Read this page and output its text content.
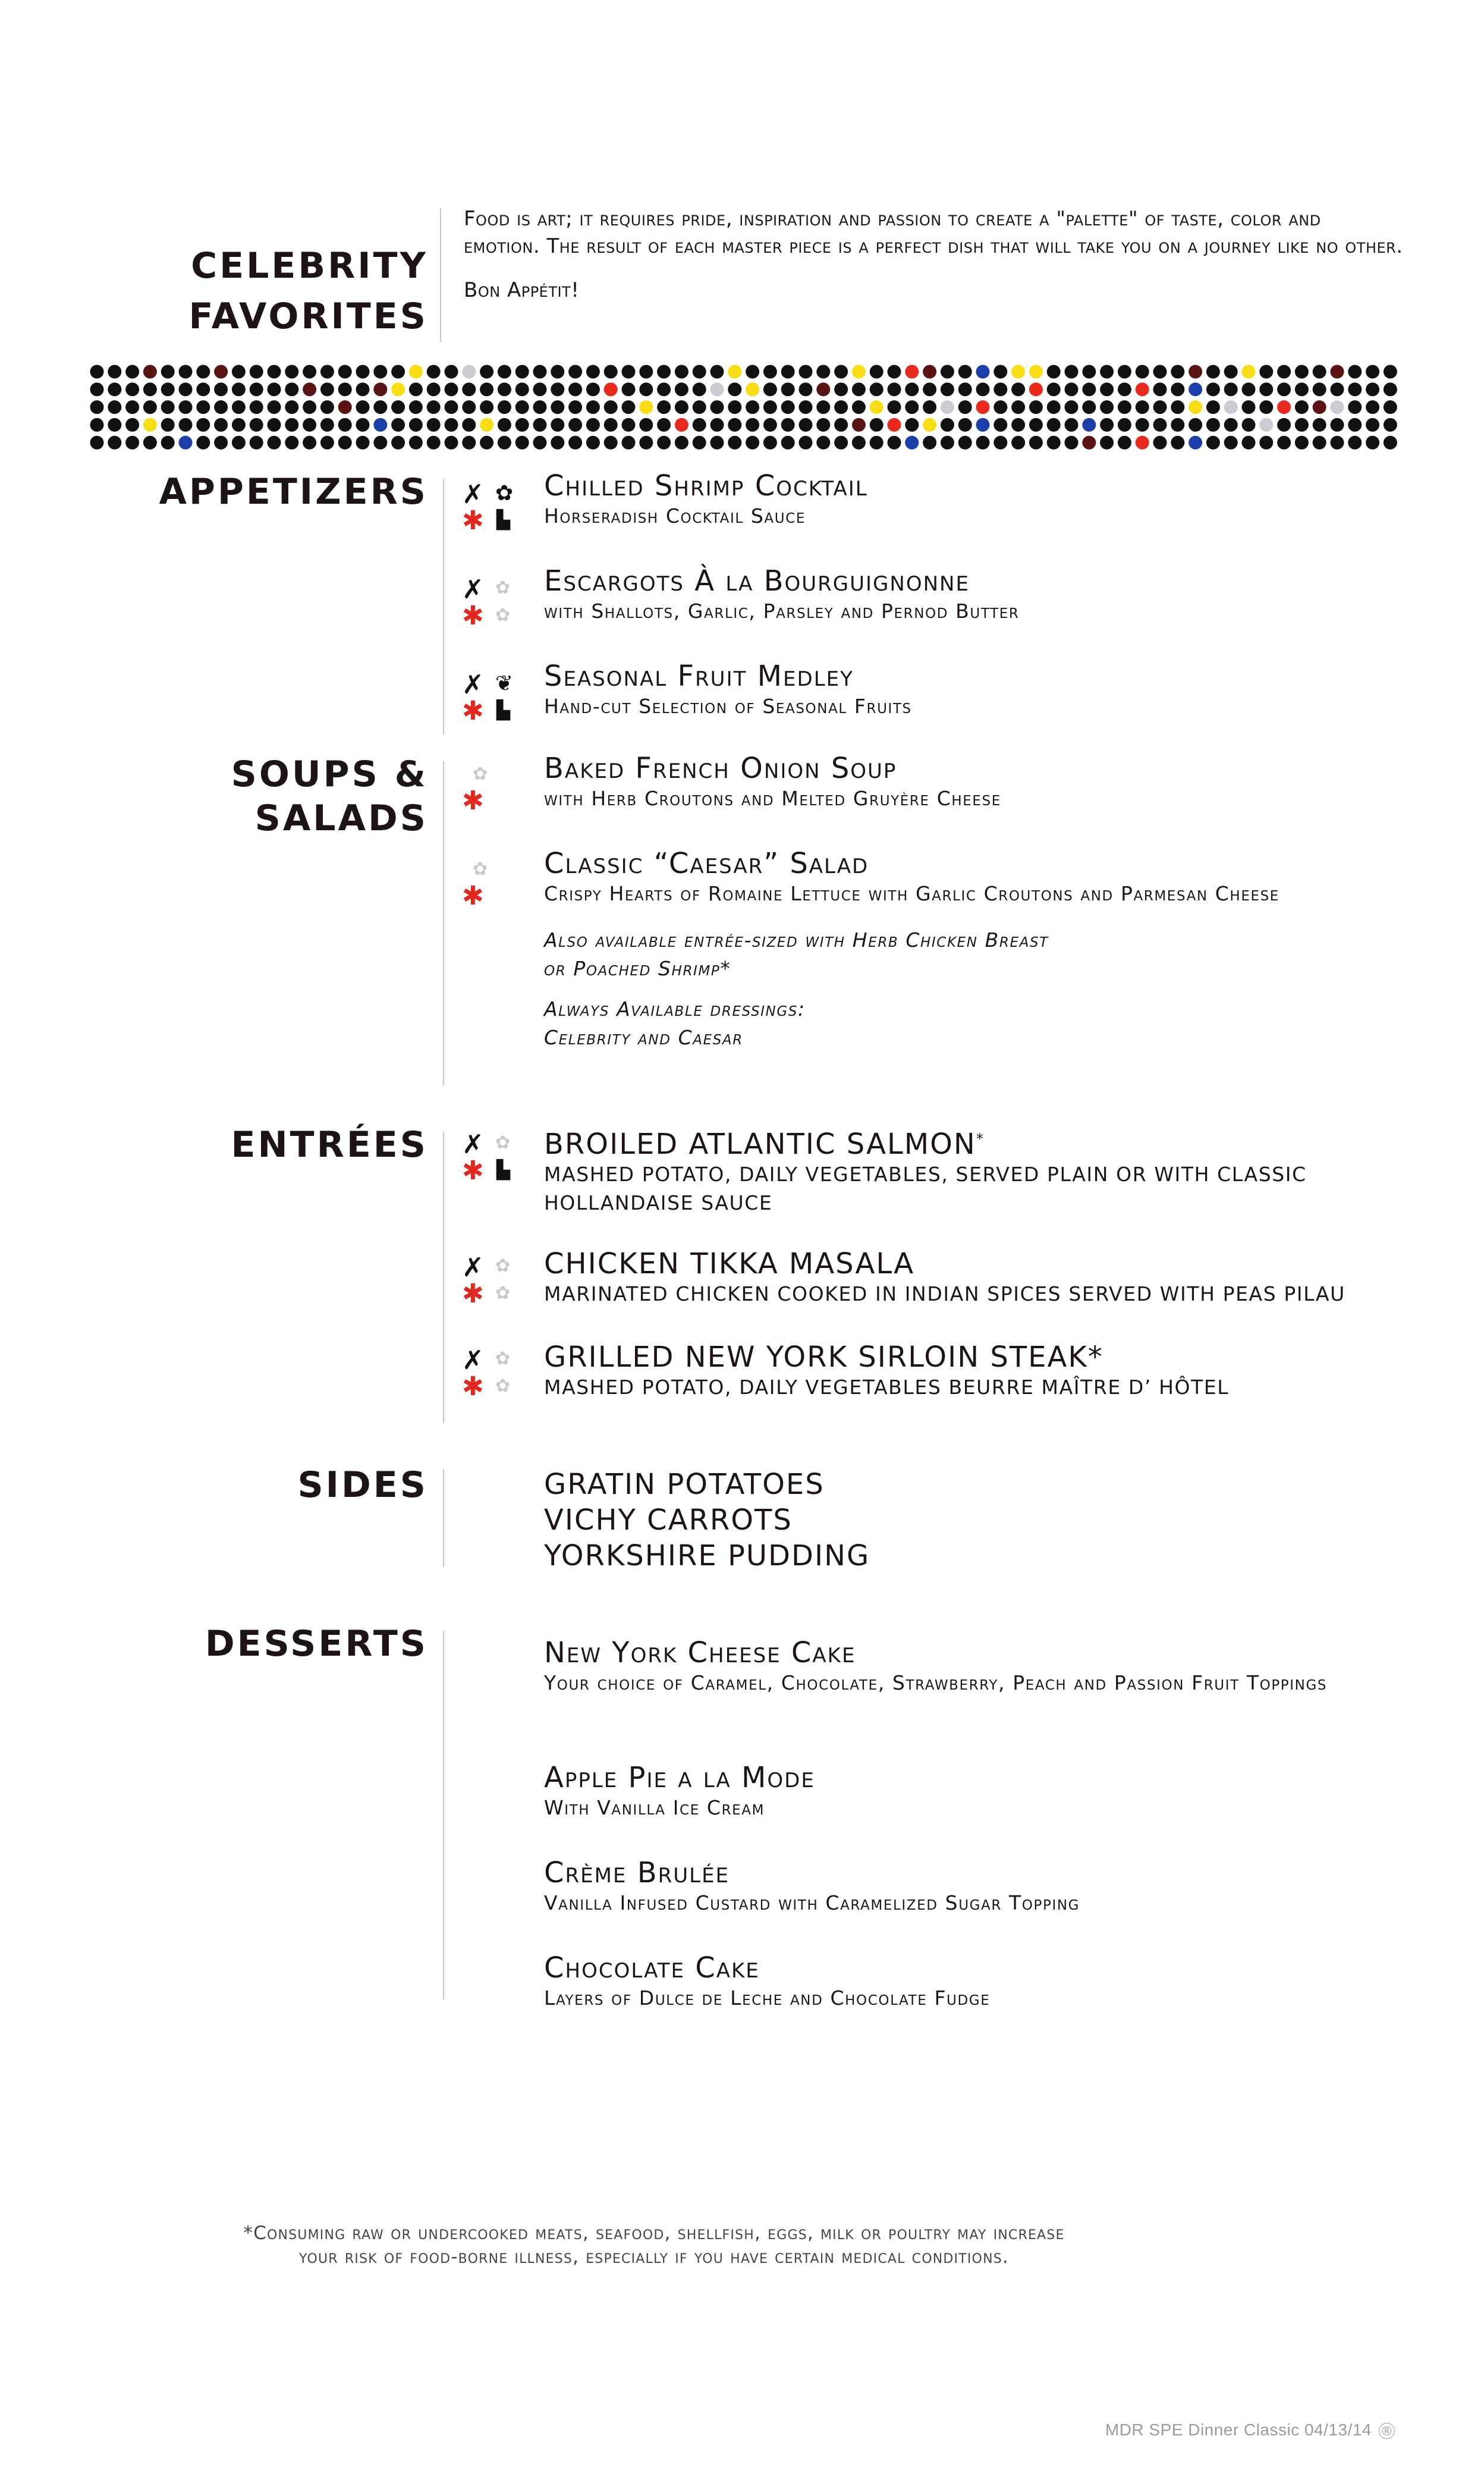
CELEBRITY
FAVORITES
Food is art; it requires pride, inspiration and passion to create a "palette" of taste, color and emotion. The result of each master piece is a perfect dish that will take you on a journey like no other.
Bon Appétit!
APPETIZERS ✗ ✿
✱ ▙
Chilled Shrimp Cocktail
Horseradish Cocktail Sauce
✗ ✿
✱ ✿
Escargots À la Bourguignonne
with Shallots, Garlic, Parsley and Pernod Butter
✗ ❦
✱ ▙
Seasonal Fruit Medley
Hand-cut Selection of Seasonal Fruits
SOUPS &
SALADS
✿
✱
Baked French Onion Soup
with Herb Croutons and Melted Gruyère Cheese
✿
✱
Classic “Caesar” Salad
Crispy Hearts of Romaine Lettuce with Garlic Croutons and Parmesan Cheese
Also available entrée-sized with Herb Chicken Breast
or Poached Shrimp*
Always Available dressings:
Celebrity and Caesar
ENTRÉES ✗ ✿
✱ ▙
BROILED ATLANTIC SALMON*
MASHED POTATO, DAILY VEGETABLES, SERVED PLAIN OR WITH CLASSIC HOLLANDAISE SAUCE
✗ ✿
✱ ✿
CHICKEN TIKKA MASALA
MARINATED CHICKEN COOKED IN INDIAN SPICES SERVED WITH PEAS PILAU
✗ ✿
✱ ✿
GRILLED NEW YORK SIRLOIN STEAK*
MASHED POTATO, DAILY VEGETABLES BEURRE MAÎTRE D’ HÔTEL
SIDES	GRATIN POTATOES
VICHY CARROTS
YORKSHIRE PUDDING
DESSERTS	New York Cheese Cake
Your choice of Caramel, Chocolate, Strawberry, Peach and Passion Fruit Toppings
Apple Pie a la Mode
With Vanilla Ice Cream
Crème Brulée
Vanilla Infused Custard with Caramelized Sugar Topping
Chocolate Cake
Layers of Dulce de Leche and Chocolate Fudge
*Consuming raw or undercooked meats, seafood, shellfish, eggs, milk or poultry may increase
your risk of food-borne illness, especially if you have certain medical conditions.
MDR SPE Dinner Classic 04/13/14 ®
